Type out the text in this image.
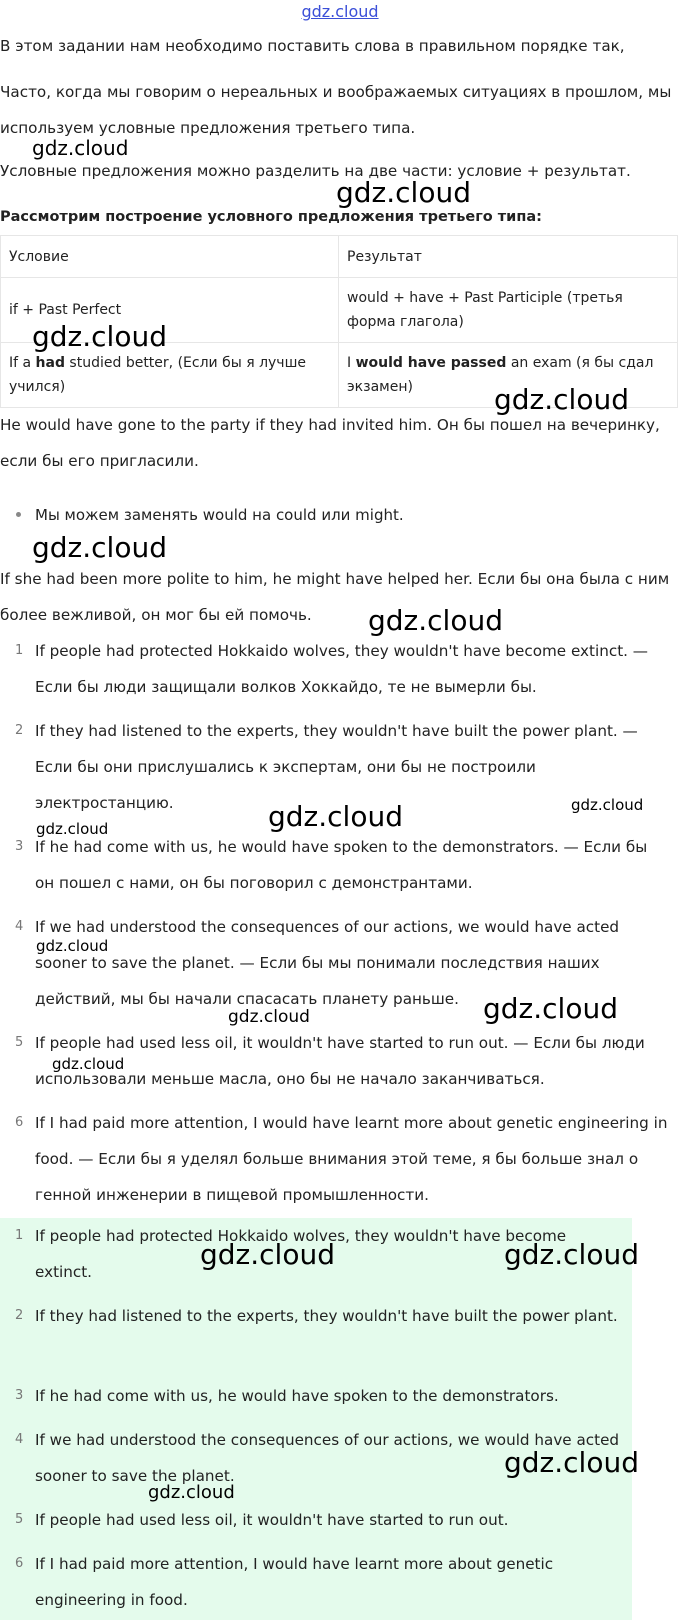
gdz.cloud
В этом задании нам необходимо поставить слова в правильном порядке так,
Часто, когда мы говорим о нереальных и воображаемых ситуациях в прошлом, мы используем условные предложения третьего типа.
Условные предложения можно разделить на две части: условие + результат.
Рассмотрим построение условного предложения третьего типа:
Условие	Результат
if + Past Perfect	would + have + Past Participle (третья форма глагола)
If a had studied better, (Если бы я лучше учился)	I would have passed an exam (я бы сдал экзамен)
He would have gone to the party if they had invited him. Он бы пошел на вечеринку, если бы его пригласили.
Мы можем заменять would на could или might.
If she had been more polite to him, he might have helped her. Если бы она была с ним более вежливой, он мог бы ей помочь.
1 If people had protected Hokkaido wolves, they wouldn't have become extinct. — Если бы люди защищали волков Хоккайдо, те не вымерли бы.
2 If they had listened to the experts, they wouldn't have built the power plant. — Если бы они прислушались к экспертам, они бы не построили электростанцию.
3 If he had come with us, he would have spoken to the demonstrators. — Если бы он пошел с нами, он бы поговорил с демонстрантами.
4 If we had understood the consequences of our actions, we would have acted sooner to save the planet. — Если бы мы понимали последствия наших действий, мы бы начали спасасать планету раньше.
5 If people had used less oil, it wouldn't have started to run out. — Если бы люди использовали меньше масла, оно бы не начало заканчиваться.
6 If I had paid more attention, I would have learnt more about genetic engineering in food. — Если бы я уделял больше внимания этой теме, я бы больше знал о генной инженерии в пищевой промышленности.
1 If people had protected Hokkaido wolves, they wouldn't have become extinct.
2 If they had listened to the experts, they wouldn't have built the power plant.
3 If he had come with us, he would have spoken to the demonstrators.
4 If we had understood the consequences of our actions, we would have acted sooner to save the planet.
5 If people had used less oil, it wouldn't have started to run out.
6 If I had paid more attention, I would have learnt more about genetic engineering in food.
gdz.cloud
gdz.cloud
gdz.cloud
gdz.cloud
gdz.cloud
gdz.cloud
gdz.cloud
gdz.cloud
gdz.cloud
gdz.cloud
gdz.cloud
gdz.cloud
gdz.cloud
gdz.cloud	gdz.cloud
gdz.cloud
gdz.cloud
